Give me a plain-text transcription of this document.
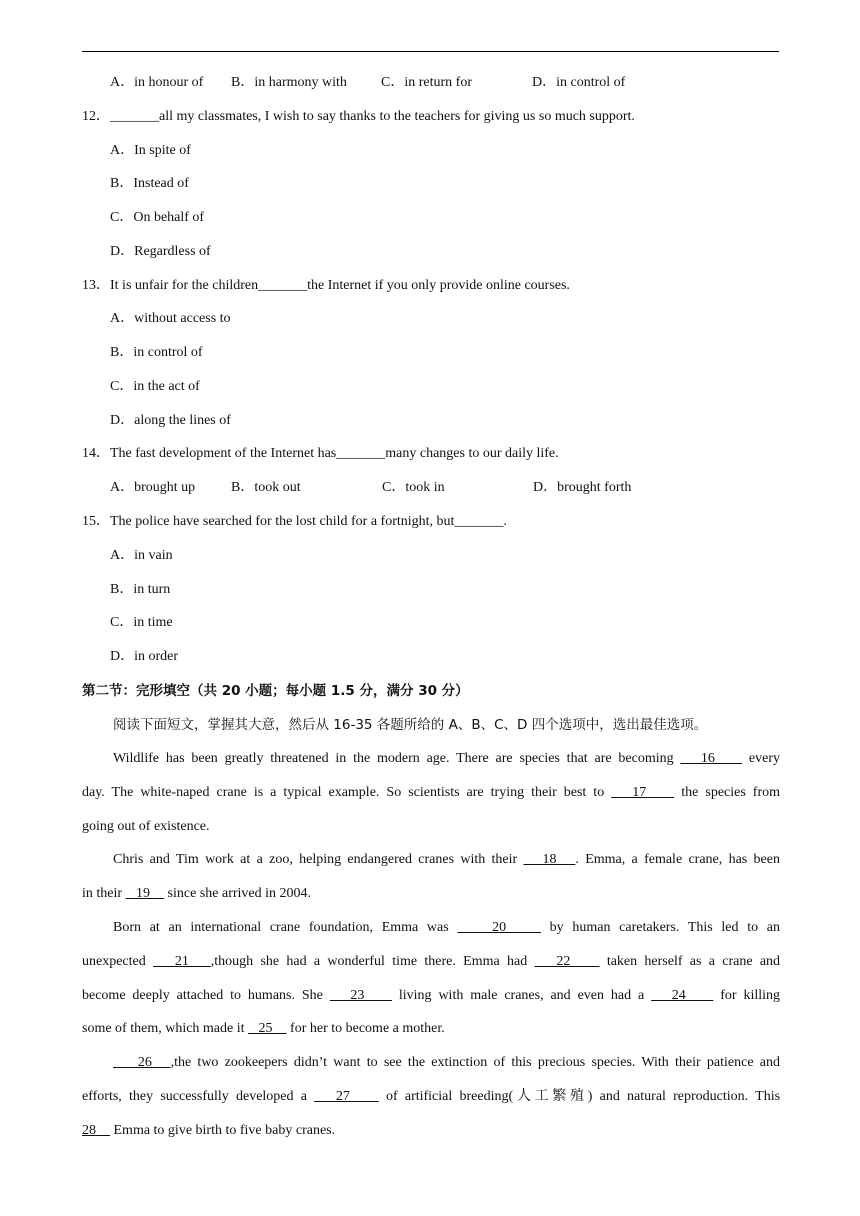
A．in honour of B．in harmony with C．in return for	D．in control of
12．_______all my classmates, I wish to say thanks to the teachers for giving us so much support.
A．In spite of
B．Instead of
C．On behalf of
D．Regardless of
13．It is unfair for the children_______the Internet if you only provide online courses.
A．without access to
B．in control of
C．in the act of
D．along the lines of
14．The fast development of the Internet has_______many changes to our daily life.
A．brought up	B．took out	C．took in	D．brought forth
15．The police have searched for the lost child for a fortnight, but_______.
A．in vain
B．in turn
C．in time
D．in order
第二节：完形填空（共 20 小题；每小题 1.5 分，满分 30 分）
阅读下面短文，掌握其大意，然后从 16-35 各题所给的 A、B、C、D 四个选项中，选出最佳选项。
Wildlife has been greatly threatened in the modern age. There are species that are becoming    16     every
day. The white-naped crane is a typical example. So scientists are trying their best to    17     the species from
going out of existence.
Chris and Tim work at a zoo, helping endangered cranes with their    18   . Emma, a female crane, has been
in their    19     since she arrived in 2004.
Born at an international crane foundation, Emma was     20     by human caretakers. This led to an
unexpected    21   ,though she had a wonderful time there. Emma had    22     taken herself as a crane and
become deeply attached to humans. She    23     living with male cranes, and even had a    24     for killing
some of them, which made it    25     for her to become a mother.
26   ,the two zookeepers didn’t want to see the extinction of this precious species. With their patience and
efforts, they successfully developed a    27     of artificial breeding(人工繁殖) and natural reproduction. This
28     Emma to give birth to five baby cranes.
